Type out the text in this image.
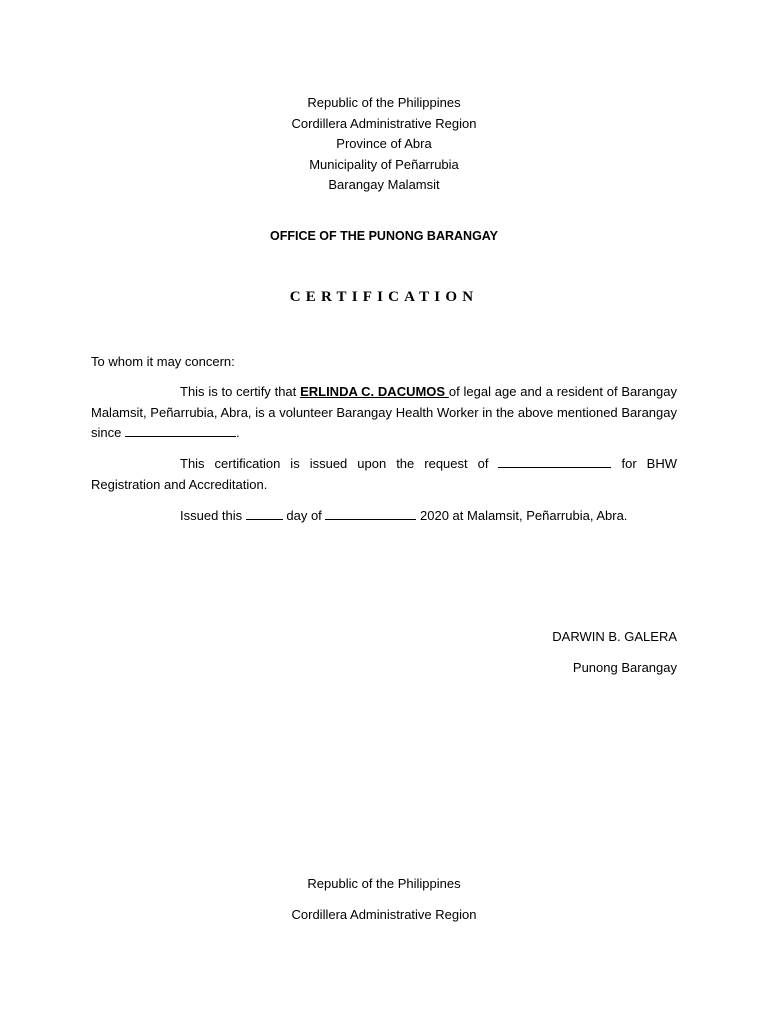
Republic of the Philippines
Cordillera Administrative Region
Province of Abra
Municipality of Peñarrubia
Barangay Malamsit
OFFICE OF THE PUNONG BARANGAY
CERTIFICATION
To whom it may concern:
This is to certify that ERLINDA C. DACUMOS of legal age and a resident of Barangay Malamsit, Peñarrubia, Abra, is a volunteer Barangay Health Worker in the above mentioned Barangay since	.
This certification is issued upon the request of	for BHW Registration and Accreditation.
Issued this	day of	2020 at Malamsit, Peñarrubia, Abra.
DARWIN B. GALERA
Punong Barangay
Republic of the Philippines
Cordillera Administrative Region
